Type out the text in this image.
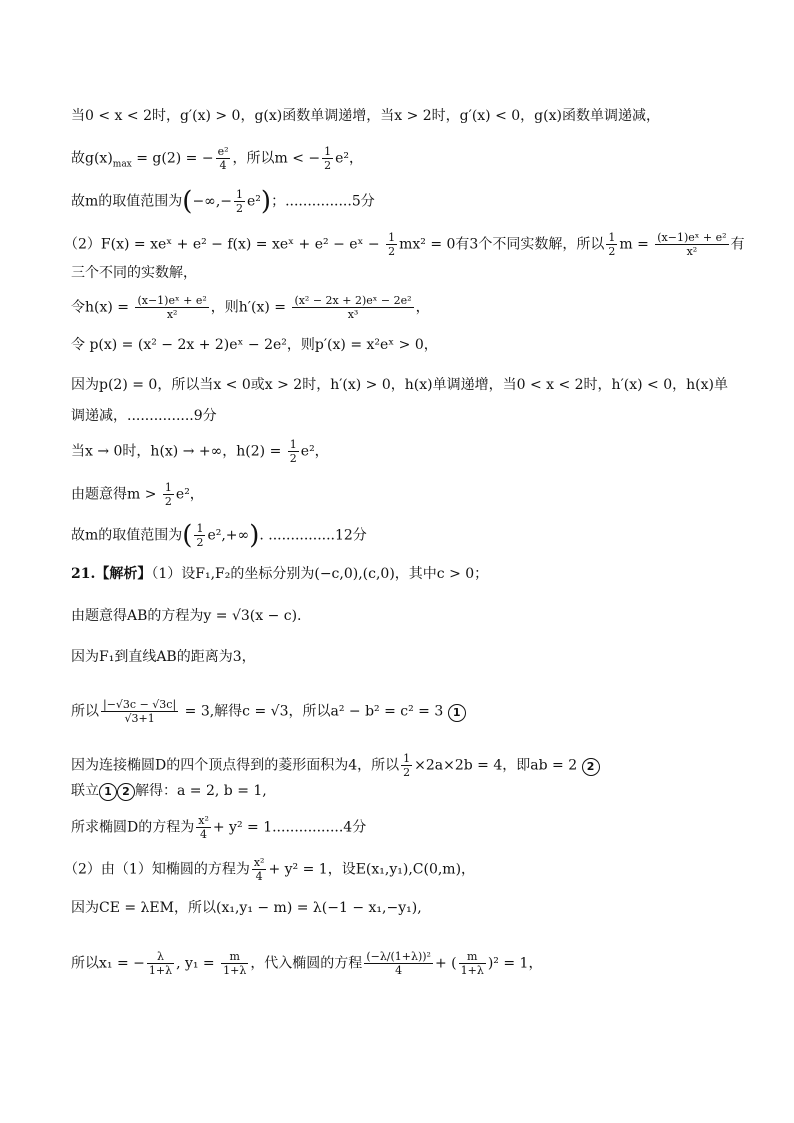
当0 < x < 2时，g′(x) > 0，g(x)函数单调递增，当x > 2时，g′(x) < 0，g(x)函数单调递减，
故$g(x)_{max} = g(2)$ = − $\frac{\text{e²}}{4}$ ，所以m < − $\frac{1}{2} e^2$，
故m的取值范围为(−∞,− $\frac{1}{2} e^2$)；...............5分
（2）F(x) = xeˣ + e² − f(x) = xeˣ + e² − eˣ − $\frac{1}{2} mx^2 = 0$有3个不同实数解，所以 $\frac{1}{2}$ $m = \frac{\text{(x−1)eˣ + e²}}{\text{x²}}$ 有
三个不同的实数解，
令$h(x) = \frac{\text{(x−1)eˣ + e²}}{\text{x²}}$ ，则$h'(x) = \frac{\text{(x² − 2x + 2)eˣ − 2e²}}{\text{x³}}$ ，
令 p(x) = (x² − 2x + 2)eˣ − 2e²，则p′(x) = x²eˣ > 0，
因为p(2) = 0，所以当x < 0或x > 2时，h′(x) > 0，h(x)单调递增，当0 < x < 2时，h′(x) < 0，h(x)单
调递减，...............9分
当x → 0时，h(x) → +∞，$h(2) = \frac{1}{2} e^2$，
由题意得$m > \frac{1}{2} e^2$，
故m的取值范围为( $\frac{1}{2} e^2,+\infty$). ...............12分
21.【解析】（1）设F₁,F₂的坐标分别为(−c,0),(c,0)，其中c > 0；
由题意得AB的方程为y = √3(x − c).
因为F₁到直线AB的距离为3，
所以 $\frac{|-√3c - √3c|}{√3+1} = 3$,解得c = √3，所以a² − b² = c² = 3 1
因为连接椭圆D的四个顶点得到的菱形面积为4，所以 $\frac{1}{2} \times 2a\times 2b = 4$，即ab = 2 2
联立 1 2 解得：a = 2, b = 1,
所求椭圆D的方程为 $\frac{\text{x²}}{4} + y^2 = 1................4$分
（2）由（1）知椭圆的方程为 $\frac{\text{x²}}{4} + y^2 = 1$，设E(x₁,y₁),C(0,m)，
因为CE = λEM，所以(x₁,y₁ − m) = λ(−1 − x₁,−y₁),
所以x₁ = − $\frac{\lambda}{1+\lambda}$ , $y_1 = \frac{m}{1+\lambda}$ ，代入椭圆的方程 $\frac{\text{(−λ/(1+λ))²}}{4}$ + ( $\frac{m}{1+\lambda} )^2 = 1$，
